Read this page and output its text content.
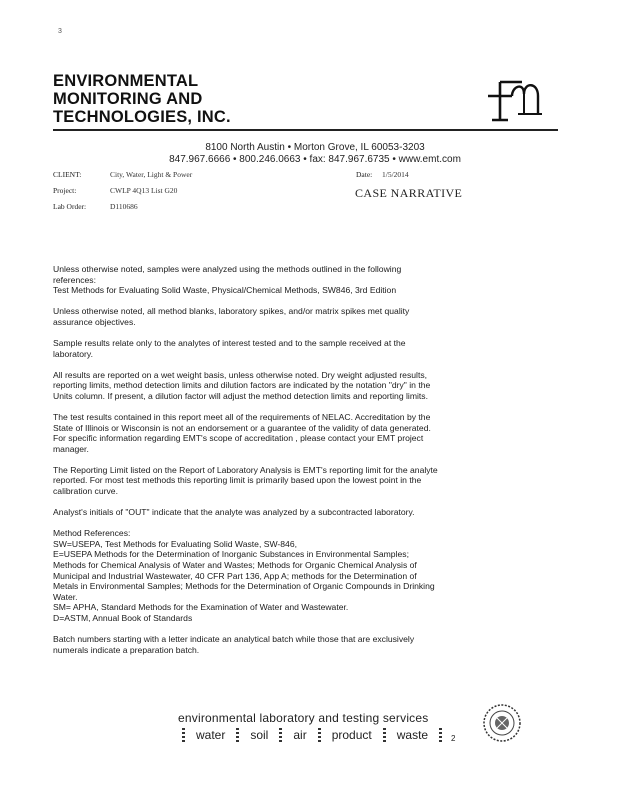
3
ENVIRONMENTAL
MONITORING AND
TECHNOLOGIES, INC.
8100 North Austin • Morton Grove, IL 60053-3203
847.967.6666 • 800.246.0663 • fax: 847.967.6735 • www.emt.com
CLIENT:	City, Water, Light & Power
Project:	CWLP 4Q13 List G20
Lab Order:	D110686
Date: 1/5/2014
CASE NARRATIVE

Unless otherwise noted, samples were analyzed using the methods outlined in the following
references:
Test Methods for Evaluating Solid Waste, Physical/Chemical Methods, SW846, 3rd Edition

Unless otherwise noted, all method blanks, laboratory spikes, and/or matrix spikes met quality
assurance objectives.

Sample results relate only to the analytes of interest tested and to the sample received at the
laboratory.

All results are reported on a wet weight basis, unless otherwise noted. Dry weight adjusted results,
reporting limits, method detection limits and dilution factors are indicated by the notation "dry" in the
Units column. If present, a dilution factor will adjust the method detection limits and reporting limits.

The test results contained in this report meet all of the requirements of NELAC. Accreditation by the
State of Illinois or Wisconsin is not an endorsement or a guarantee of the validity of data generated.
For specific information regarding EMT's scope of accreditation , please contact your EMT project
manager.

The Reporting Limit listed on the Report of Laboratory Analysis is EMT's reporting limit for the analyte
reported. For most test methods this reporting limit is primarily based upon the lowest point in the
calibration curve.

Analyst's initials of "OUT" indicate that the analyte was analyzed by a subcontracted laboratory.

Method References:
SW=USEPA, Test Methods for Evaluating Solid Waste, SW-846,
E=USEPA Methods for the Determination of Inorganic Substances in Environmental Samples;
Methods for Chemical Analysis of Water and Wastes; Methods for Organic Chemical Analysis of
Municipal and Industrial Wastewater, 40 CFR Part 136, App A; methods for the Determination of
Metals in Environmental Samples; Methods for the Determination of Organic Compounds in Drinking
Water.
SM= APHA, Standard Methods for the Examination of Water and Wastewater.
D=ASTM, Annual Book of Standards

Batch numbers starting with a letter indicate an analytical batch while those that are exclusively
numerals indicate a preparation batch.

environmental laboratory and testing services
water	soil	air	product	waste	2
